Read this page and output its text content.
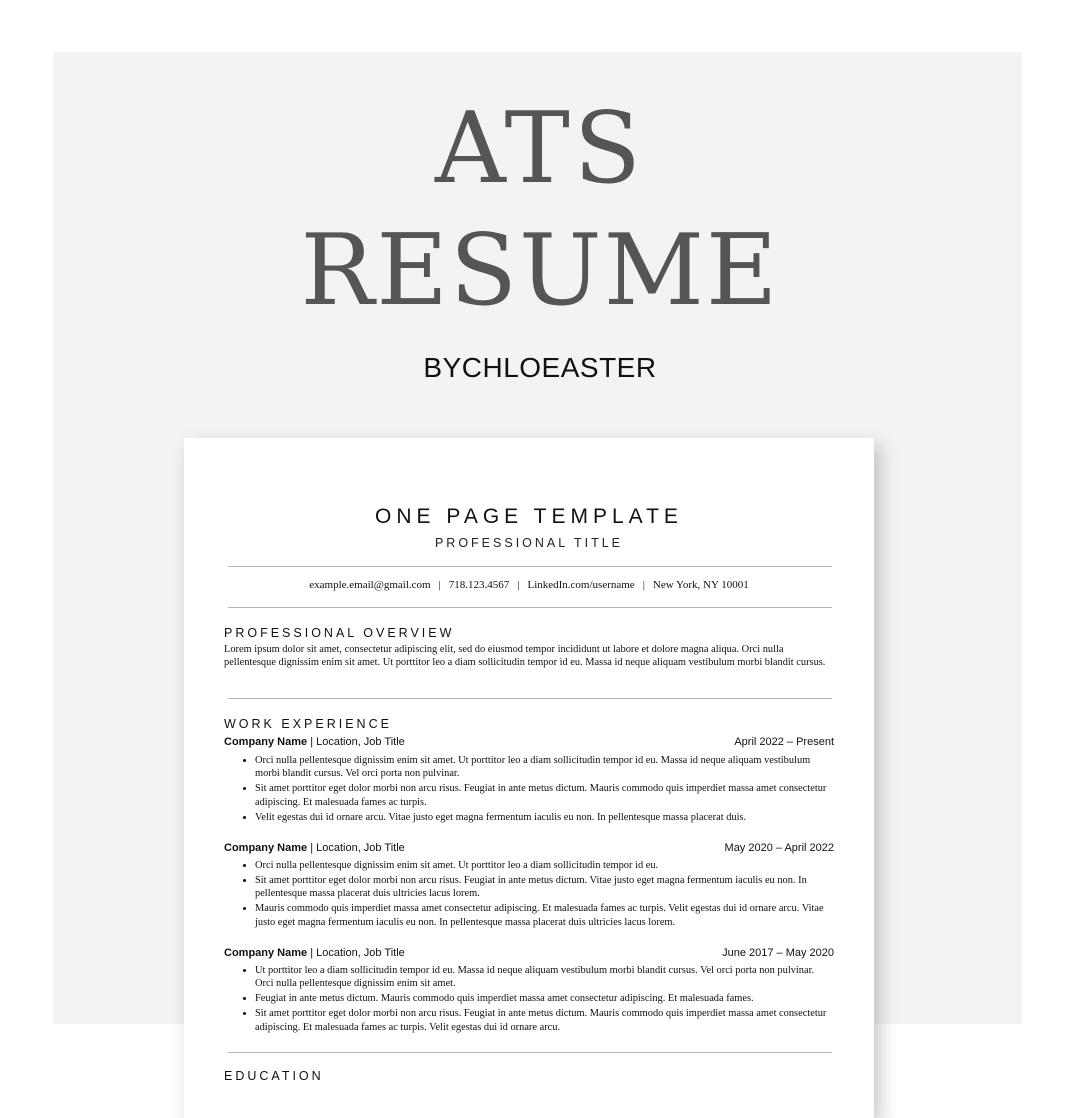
ATS
RESUME
BYCHLOEASTER
ONE PAGE TEMPLATE
PROFESSIONAL TITLE
example.email@gmail.com | 718.123.4567 | LinkedIn.com/username | New York, NY 10001
PROFESSIONAL OVERVIEW

Lorem ipsum dolor sit amet, consectetur adipiscing elit, sed do eiusmod tempor incididunt ut labore et dolore magna aliqua. Orci nulla pellentesque dignissim enim sit amet. Ut porttitor leo a diam sollicitudin tempor id eu. Massa id neque aliquam vestibulum morbi blandit cursus.

WORK EXPERIENCE
Company Name | Location, Job Title	April 2022 – Present
• Orci nulla pellentesque dignissim enim sit amet. Ut porttitor leo a diam sollicitudin tempor id eu. Massa id neque aliquam vestibulum morbi blandit cursus. Vel orci porta non pulvinar.
• Sit amet porttitor eget dolor morbi non arcu risus. Feugiat in ante metus dictum. Mauris commodo quis imperdiet massa amet consectetur adipiscing. Et malesuada fames ac turpis.
• Velit egestas dui id ornare arcu. Vitae justo eget magna fermentum iaculis eu non. In pellentesque massa placerat duis.
Company Name | Location, Job Title	May 2020 – April 2022
• Orci nulla pellentesque dignissim enim sit amet. Ut porttitor leo a diam sollicitudin tempor id eu.
• Sit amet porttitor eget dolor morbi non arcu risus. Feugiat in ante metus dictum. Vitae justo eget magna fermentum iaculis eu non. In pellentesque massa placerat duis ultricies lacus lorem.
• Mauris commodo quis imperdiet massa amet consectetur adipiscing. Et malesuada fames ac turpis. Velit egestas dui id ornare arcu. Vitae justo eget magna fermentum iaculis eu non. In pellentesque massa placerat duis ultricies lacus lorem.
Company Name | Location, Job Title	June 2017 – May 2020
• Ut porttitor leo a diam sollicitudin tempor id eu. Massa id neque aliquam vestibulum morbi blandit cursus. Vel orci porta non pulvinar. Orci nulla pellentesque dignissim enim sit amet.
• Feugiat in ante metus dictum. Mauris commodo quis imperdiet massa amet consectetur adipiscing. Et malesuada fames.
• Sit amet porttitor eget dolor morbi non arcu risus. Feugiat in ante metus dictum. Mauris commodo quis imperdiet massa amet consectetur adipiscing. Et malesuada fames ac turpis. Velit egestas dui id ornare arcu.
EDUCATION
